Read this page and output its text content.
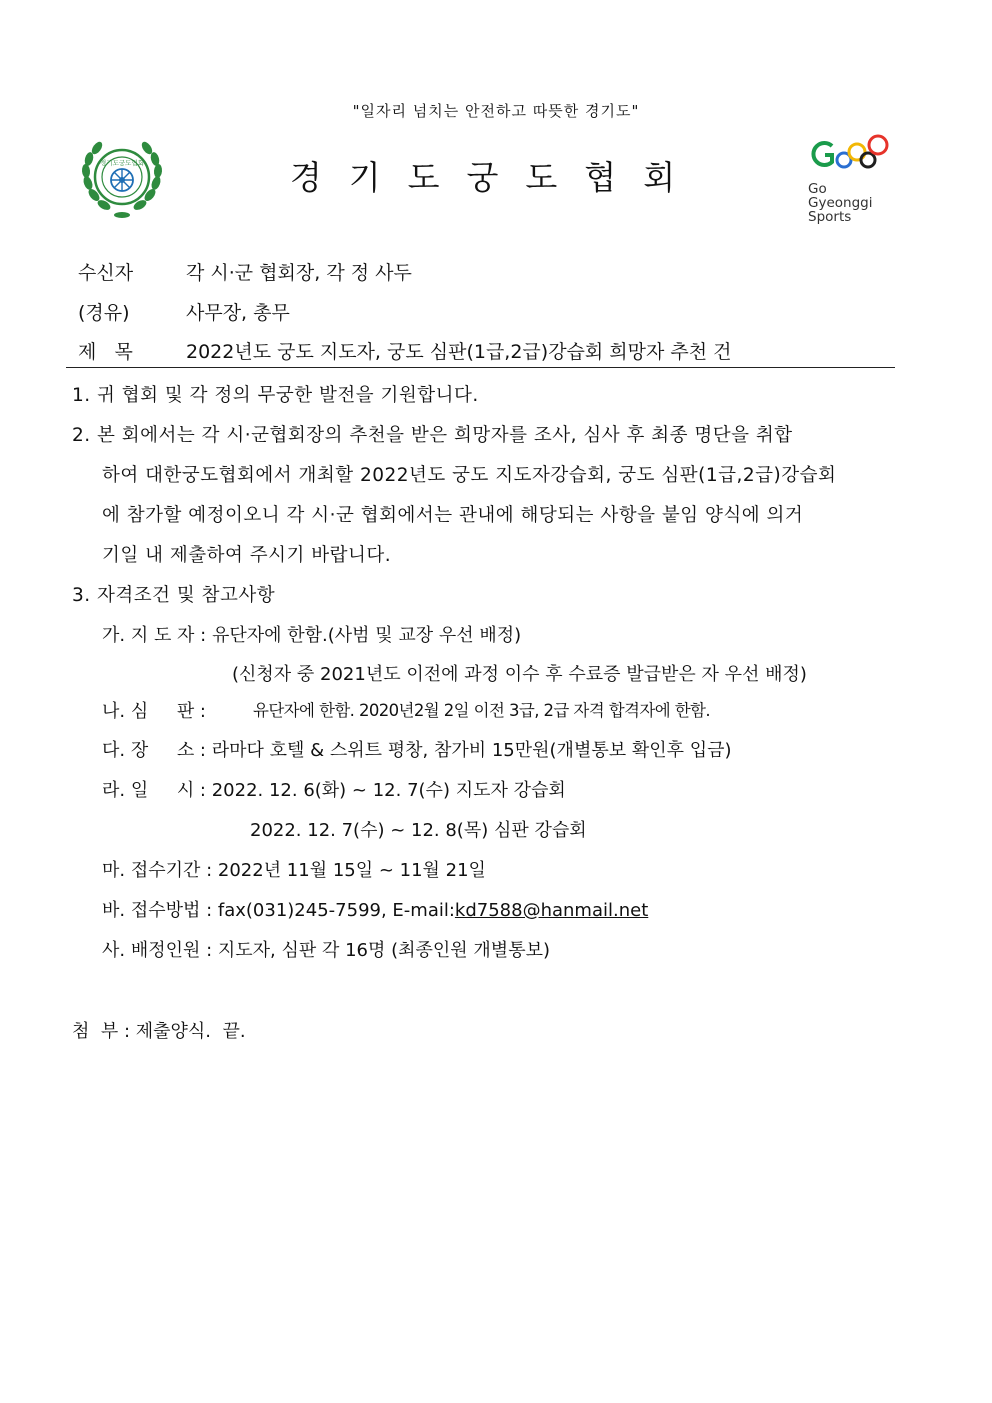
"일자리 넘치는 안전하고 따뜻한 경기도"
경기도궁도협회	경기도궁도협회	Go
Gyeonggi
Sports
수신자	각 시·군 협회장, 각 정 사두
(경유)	사무장, 총무
제   목	2022년도 궁도 지도자, 궁도 심판(1급,2급)강습회 희망자 추천 건
1. 귀 협회 및 각 정의 무궁한 발전을 기원합니다.
2. 본 회에서는 각 시·군협회장의 추천을 받은 희망자를 조사, 심사 후 최종 명단을 취합
하여 대한궁도협회에서 개최할 2022년도 궁도 지도자강습회, 궁도 심판(1급,2급)강습회
에 참가할 예정이오니 각 시·군 협회에서는 관내에 해당되는 사항을 붙임 양식에 의거
기일 내 제출하여 주시기 바랍니다.
3. 자격조건 및 참고사항
가. 지 도 자 : 유단자에 한함.(사범 및 교장 우선 배정)
(신청자 중 2021년도 이전에 과정 이수 후 수료증 발급받은 자 우선 배정)
나. 심     판 :	유단자에 한함. 2020년2월 2일 이전 3급, 2급 자격 합격자에 한함.
다. 장     소 : 라마다 호텔 & 스위트 평창, 참가비 15만원(개별통보 확인후 입금)
라. 일     시 : 2022. 12. 6(화) ~ 12. 7(수) 지도자 강습회
2022. 12. 7(수) ~ 12. 8(목) 심판 강습회
마. 접수기간 : 2022년 11월 15일 ~ 11월 21일
바. 접수방법 : fax(031)245-7599, E-mail:kd7588@hanmail.net
사. 배정인원 : 지도자, 심판 각 16명 (최종인원 개별통보)
첨  부 : 제출양식.  끝.
